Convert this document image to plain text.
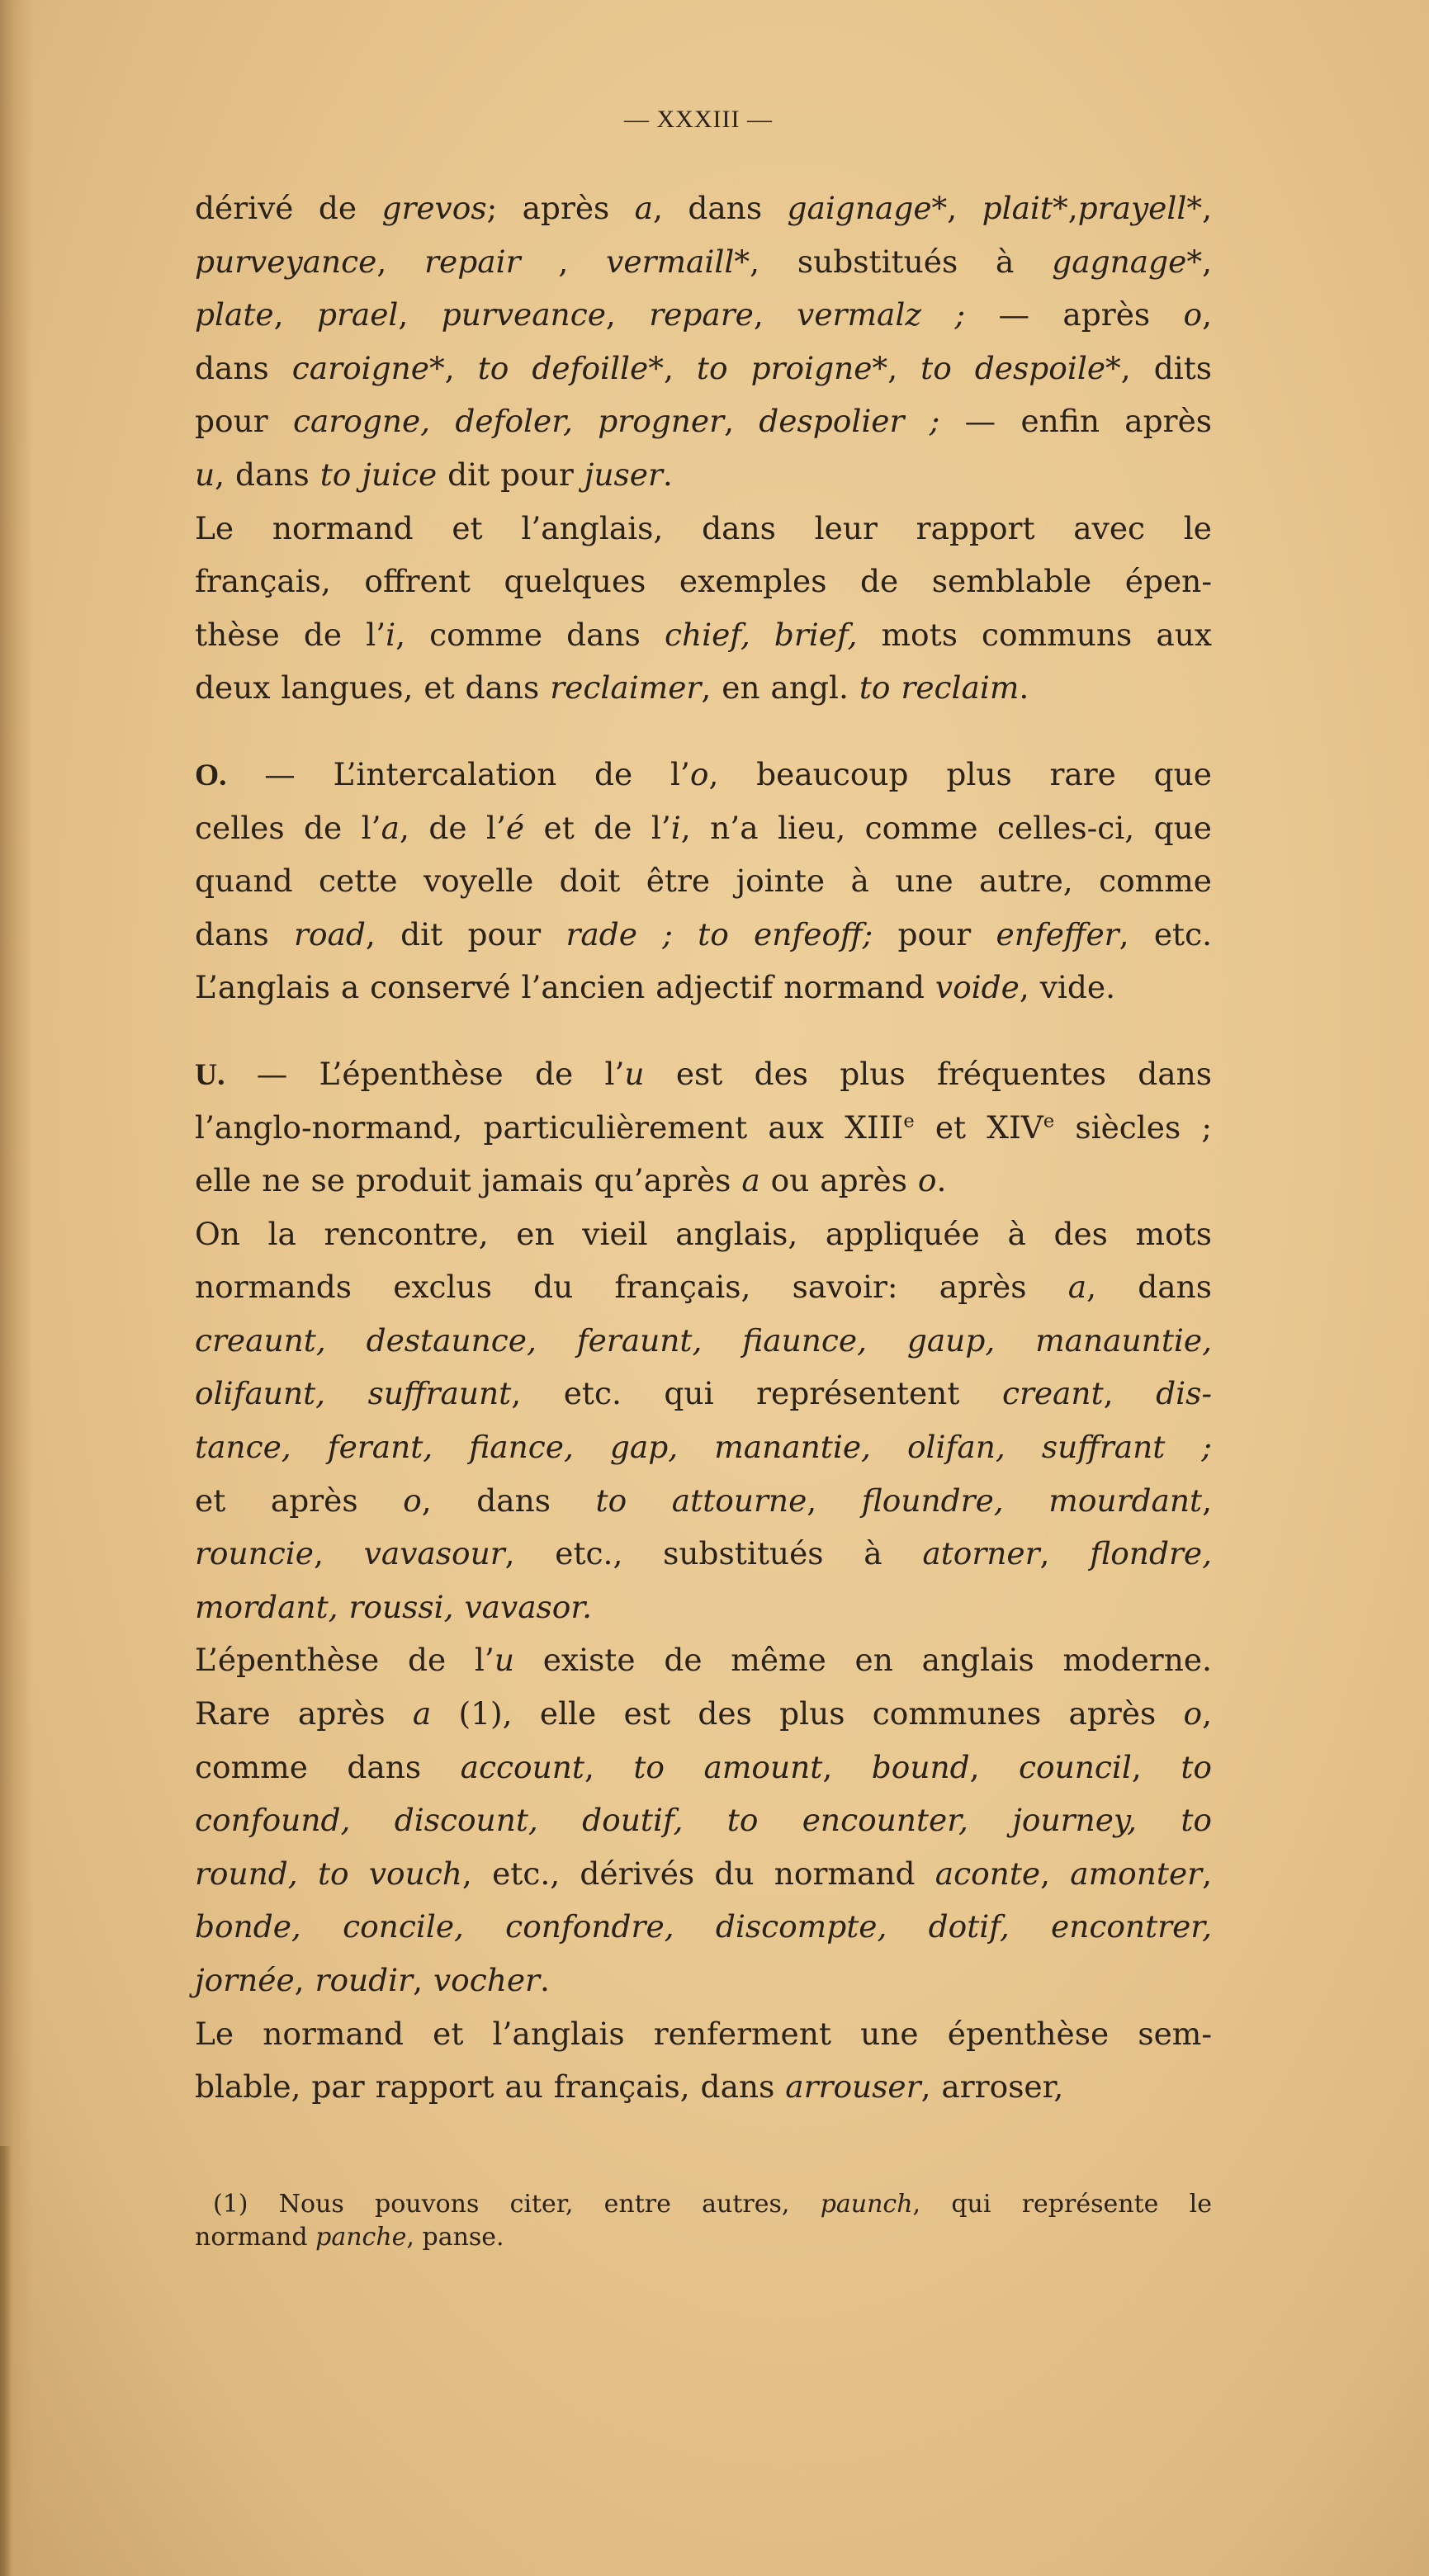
— XXXIII —
dérivé de grevos; après a, dans gaignage*, plait*,prayell*,
purveyance, repair , vermaill*, substitués à gagnage*,
plate, prael, purveance, repare, vermalz ; — après o,
dans caroigne*, to defoille*, to proigne*, to despoile*, dits
pour carogne, defoler, progner, despolier ; — enfin après
u, dans to juice dit pour juser.
Le normand et l’anglais, dans leur rapport avec le
français, offrent quelques exemples de semblable épen-
thèse de l’i, comme dans chief, brief, mots communs aux
deux langues, et dans reclaimer, en angl. to reclaim.
O. — L’intercalation de l’o, beaucoup plus rare que
celles de l’a, de l’é et de l’i, n’a lieu, comme celles-ci, que
quand cette voyelle doit être jointe à une autre, comme
dans road, dit pour rade ; to enfeoff; pour enfeffer, etc.
L’anglais a conservé l’ancien adjectif normand voide, vide.
U. — L’épenthèse de l’u est des plus fréquentes dans
l’anglo-normand, particulièrement aux XIIIe et XIVe siècles ;
elle ne se produit jamais qu’après a ou après o.
On la rencontre, en vieil anglais, appliquée à des mots
normands exclus du français, savoir: après a, dans
creaunt, destaunce, feraunt, fiaunce, gaup, manauntie,
olifaunt, suffraunt, etc. qui représentent creant, dis-
tance, ferant, fiance, gap, manantie, olifan, suffrant ;
et après o, dans to attourne, floundre, mourdant,
rouncie, vavasour, etc., substitués à atorner, flondre,
mordant, roussi, vavasor.
L’épenthèse de l’u existe de même en anglais moderne.
Rare après a (1), elle est des plus communes après o,
comme dans account, to amount, bound, council, to
confound, discount, doutif, to encounter, journey, to
round, to vouch, etc., dérivés du normand aconte, amonter,
bonde, concile, confondre, discompte, dotif, encontrer,
jornée, roudir, vocher.
Le normand et l’anglais renferment une épenthèse sem-
blable, par rapport au français, dans arrouser, arroser,
(1) Nous pouvons citer, entre autres, paunch, qui représente le
normand panche, panse.
